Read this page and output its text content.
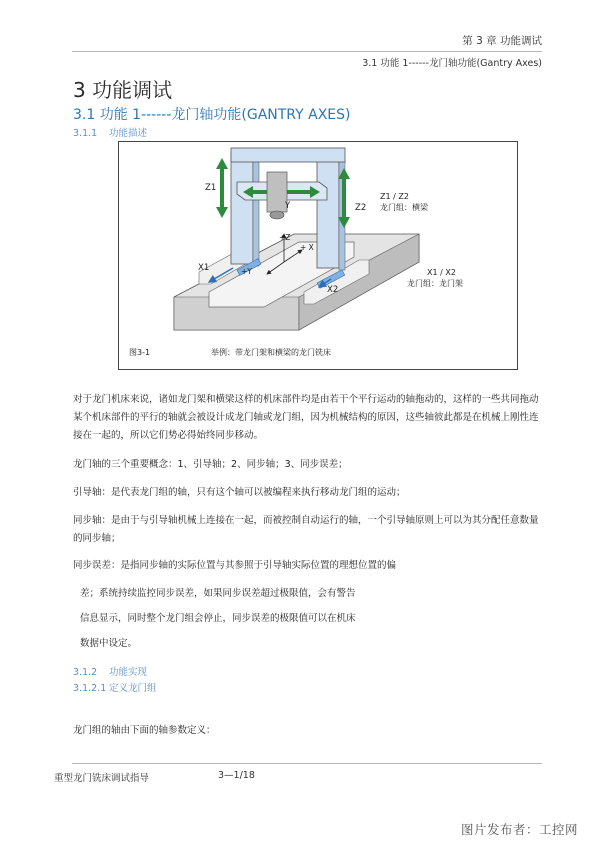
第 3 章 功能调试
3.1 功能 1------龙门轴功能(Gantry Axes)
3 功能调试
3.1 功能 1------龙门轴功能(GANTRY AXES)
3.1.1 功能描述
Z1
Z2
Y
+Z
+ X
+Y
X1
X2
Z1 / Z2
龙门组：横梁
X1 / X2
龙门组：龙门架
图3-1	举例：带龙门架和横梁的龙门铣床
对于龙门机床来说，诸如龙门架和横梁这样的机床部件均是由若干个平行运动的轴拖动的，这样的一些共同拖动某个机床部件的平行的轴就会被设计成龙门轴或龙门组，因为机械结构的原因，这些轴彼此都是在机械上刚性连接在一起的，所以它们势必得始终同步移动。
龙门轴的三个重要概念：1、引导轴；2、同步轴；3、同步误差；
引导轴：是代表龙门组的轴，只有这个轴可以被编程来执行移动龙门组的运动；
同步轴：是由于与引导轴机械上连接在一起，而被控制自动运行的轴，一个引导轴原则上可以为其分配任意数量的同步轴；
同步误差：是指同步轴的实际位置与其参照于引导轴实际位置的理想位置的偏
差；系统持续监控同步误差，如果同步误差超过极限值，会有警告
信息显示，同时整个龙门组会停止，同步误差的极限值可以在机床
数据中设定。
3.1.2 功能实现
3.1.2.1 定义龙门组
龙门组的轴由下面的轴参数定义：
重型龙门铣床调试指导	3—1/18
图片发布者：工控网
